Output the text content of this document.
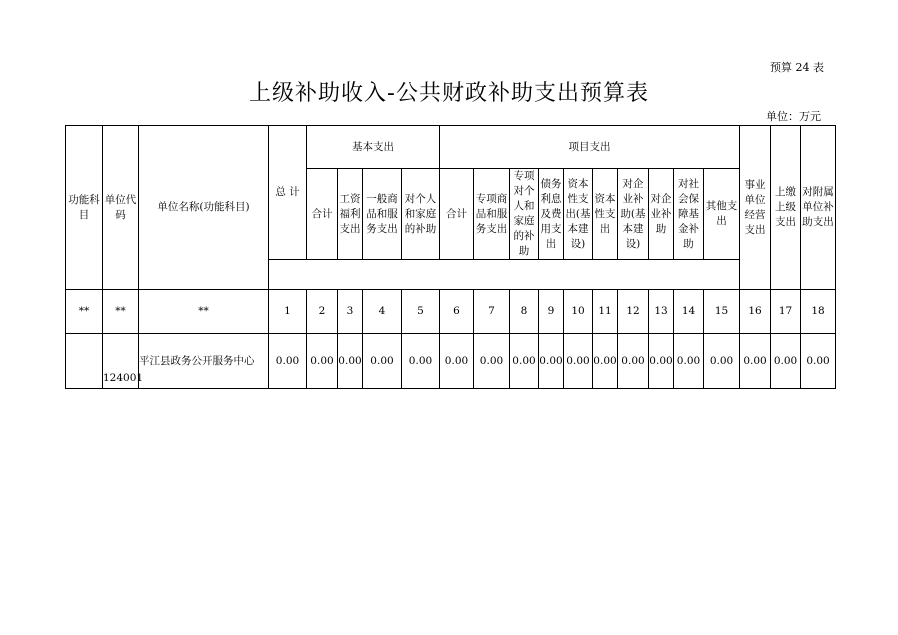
预算 24 表
上级补助收入-公共财政补助支出预算表
单位：万元
功能科目	单位代码	单位名称(功能科目)	总 计	基本支出				项目支出										事业单位经营支出	上缴上级支出	对附属单位补助支出
				合计	工资福利支出	一般商品和服务支出	对个人和家庭的补助	合计	专项商品和服务支出	专项对个人和家庭的补助	债务利息及费用支出	资本性支出(基本建设)	资本性支出	对企业补助(基本建设)	对企业补助	对社会保障基金补助	其他支出			

**	**	**	1	2	3	4	5	6	7	8	9	10	11	12	13	14	15	16	17	18
	124001	平江县政务公开服务中心	0.00	0.00	0.00	0.00	0.00	0.00	0.00	0.00	0.00	0.00	0.00	0.00	0.00	0.00	0.00	0.00	0.00	0.00
